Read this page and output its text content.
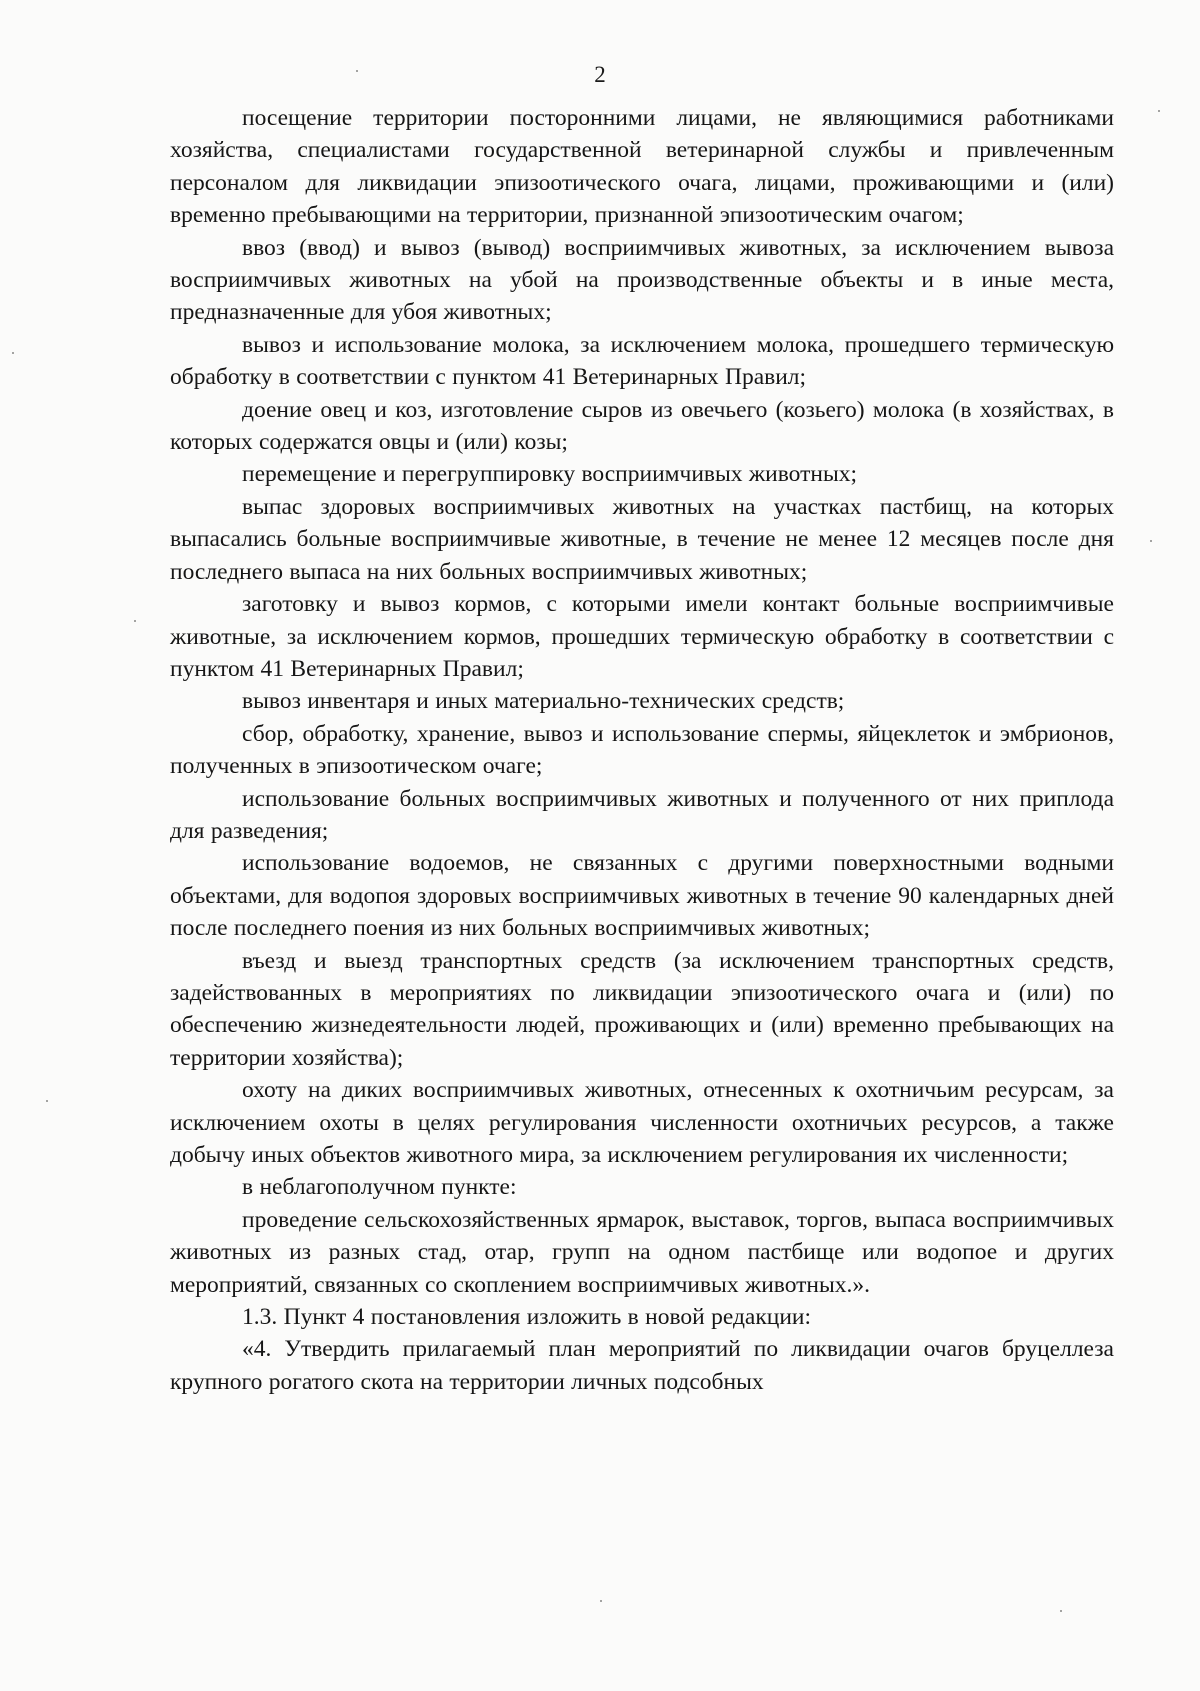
2

посещение территории посторонними лицами, не являющимися работниками хозяйства, специалистами государственной ветеринарной службы и привлеченным персоналом для ликвидации эпизоотического очага, лицами, проживающими и (или) временно пребывающими на территории, признанной эпизоотическим очагом;

ввоз (ввод) и вывоз (вывод) восприимчивых животных, за исключением вывоза восприимчивых животных на убой на производственные объекты и в иные места, предназначенные для убоя животных;

вывоз и использование молока, за исключением молока, прошедшего термическую обработку в соответствии с пунктом 41 Ветеринарных Правил;

доение овец и коз, изготовление сыров из овечьего (козьего) молока (в хозяйствах, в которых содержатся овцы и (или) козы;

перемещение и перегруппировку восприимчивых животных;

выпас здоровых восприимчивых животных на участках пастбищ, на которых выпасались больные восприимчивые животные, в течение не менее 12 месяцев после дня последнего выпаса на них больных восприимчивых животных;

заготовку и вывоз кормов, с которыми имели контакт больные восприимчивые животные, за исключением кормов, прошедших термическую обработку в соответствии с пунктом 41 Ветеринарных Правил;

вывоз инвентаря и иных материально-технических средств;

сбор, обработку, хранение, вывоз и использование спермы, яйцеклеток и эмбрионов, полученных в эпизоотическом очаге;

использование больных восприимчивых животных и полученного от них приплода для разведения;

использование водоемов, не связанных с другими поверхностными водными объектами, для водопоя здоровых восприимчивых животных в течение 90 календарных дней после последнего поения из них больных восприимчивых животных;

въезд и выезд транспортных средств (за исключением транспортных средств, задействованных в мероприятиях по ликвидации эпизоотического очага и (или) по обеспечению жизнедеятельности людей, проживающих и (или) временно пребывающих на территории хозяйства);

охоту на диких восприимчивых животных, отнесенных к охотничьим ресурсам, за исключением охоты в целях регулирования численности охотничьих ресурсов, а также добычу иных объектов животного мира, за исключением регулирования их численности;

в неблагополучном пункте:

проведение сельскохозяйственных ярмарок, выставок, торгов, выпаса восприимчивых животных из разных стад, отар, групп на одном пастбище или водопое и других мероприятий, связанных со скоплением восприимчивых животных.».

1.3. Пункт 4 постановления изложить в новой редакции:

«4. Утвердить прилагаемый план мероприятий по ликвидации очагов бруцеллеза крупного рогатого скота на территории личных подсобных
